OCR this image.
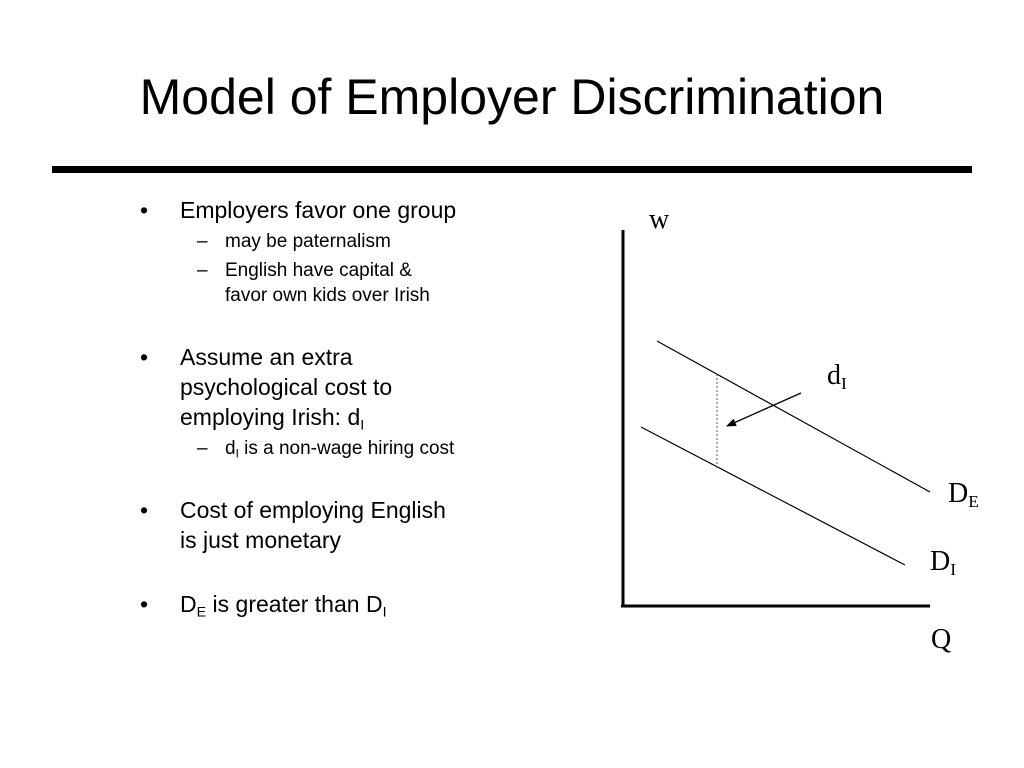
Model of Employer Discrimination
• Employers favor one group
– may be paternalism
– English have capital &
favor own kids over Irish
• Assume an extra
psychological cost to
employing Irish: $d_I$
– $d_I$ is a non-wage hiring cost
• Cost of employing English
is just monetary
• $D_E$ is greater than $D_I$
w
$d_I$
$D_E$
$D_I$
Q
